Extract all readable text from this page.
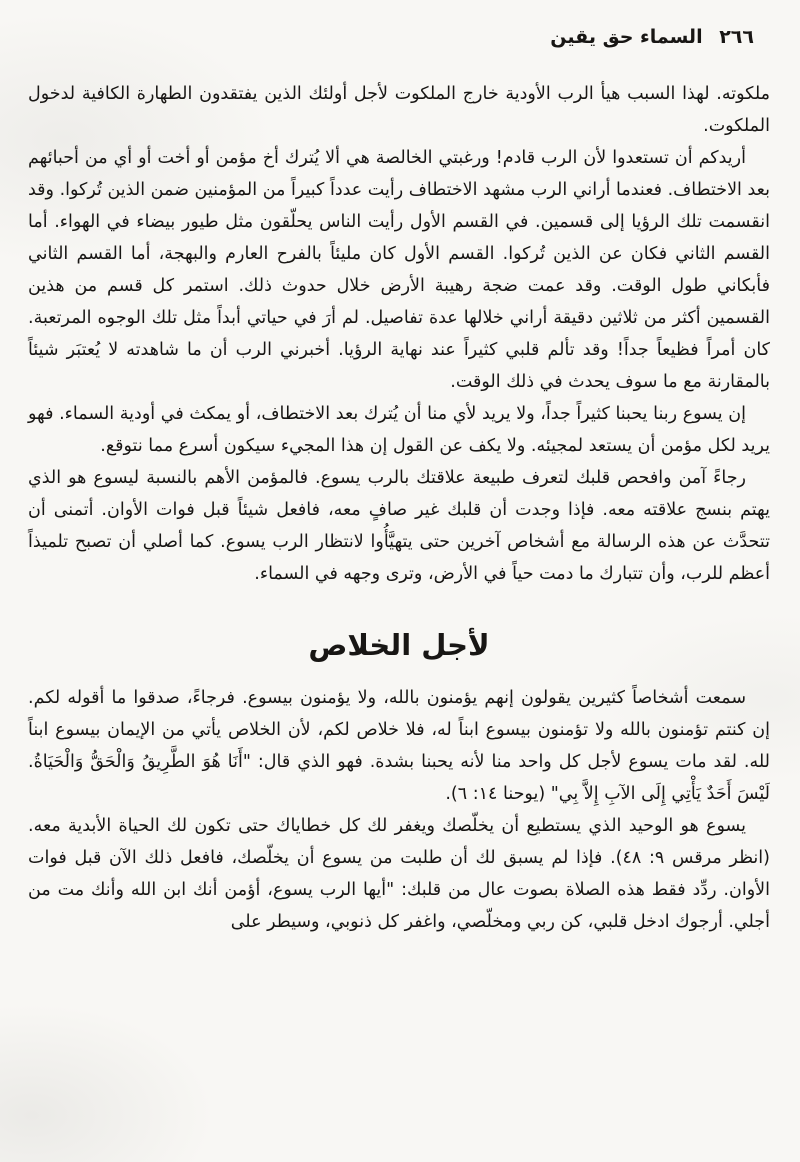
٢٦٦ السماء حق يقين

ملكوته. لهذا السبب هيأ الرب الأودية خارج الملكوت لأجل أولئك الذين يفتقدون الطهارة الكافية لدخول الملكوت.

أريدكم أن تستعدوا لأن الرب قادم! ورغبتي الخالصة هي ألا يُترك أخ مؤمن أو أخت أو أي من أحبائهم بعد الاختطاف. فعندما أراني الرب مشهد الاختطاف رأيت عدداً كبيراً من المؤمنين ضمن الذين تُركوا. وقد انقسمت تلك الرؤيا إلى قسمين. في القسم الأول رأيت الناس يحلّقون مثل طيور بيضاء في الهواء. أما القسم الثاني فكان عن الذين تُركوا. القسم الأول كان مليئاً بالفرح العارم والبهجة، أما القسم الثاني فأبكاني طول الوقت. وقد عمت ضجة رهيبة الأرض خلال حدوث ذلك. استمر كل قسم من هذين القسمين أكثر من ثلاثين دقيقة أراني خلالها عدة تفاصيل. لم أرَ في حياتي أبداً مثل تلك الوجوه المرتعبة. كان أمراً فظيعاً جداً! وقد تألم قلبي كثيراً عند نهاية الرؤيا. أخبرني الرب أن ما شاهدته لا يُعتبَر شيئاً بالمقارنة مع ما سوف يحدث في ذلك الوقت.

إن يسوع ربنا يحبنا كثيراً جداً، ولا يريد لأي منا أن يُترك بعد الاختطاف، أو يمكث في أودية السماء. فهو يريد لكل مؤمن أن يستعد لمجيئه. ولا يكف عن القول إن هذا المجيء سيكون أسرع مما نتوقع.

رجاءً آمن وافحص قلبك لتعرف طبيعة علاقتك بالرب يسوع. فالمؤمن الأهم بالنسبة ليسوع هو الذي يهتم بنسج علاقته معه. فإذا وجدت أن قلبك غير صافٍ معه، فافعل شيئاً قبل فوات الأوان. أتمنى أن تتحدَّث عن هذه الرسالة مع أشخاص آخرين حتى يتهيَّأُوا لانتظار الرب يسوع. كما أصلي أن تصبح تلميذاً أعظم للرب، وأن تتبارك ما دمت حياً في الأرض، وترى وجهه في السماء.

لأجل الخلاص

سمعت أشخاصاً كثيرين يقولون إنهم يؤمنون بالله، ولا يؤمنون بيسوع. فرجاءً، صدقوا ما أقوله لكم. إن كنتم تؤمنون بالله ولا تؤمنون بيسوع ابناً له، فلا خلاص لكم، لأن الخلاص يأتي من الإيمان بيسوع ابناً لله. لقد مات يسوع لأجل كل واحد منا لأنه يحبنا بشدة. فهو الذي قال: "أَنَا هُوَ الطَّرِيقُ وَالْحَقُّ وَالْحَيَاةُ. لَيْسَ أَحَدٌ يَأْتِي إِلَى الآبِ إِلاَّ بِي" (يوحنا ١٤: ٦).

يسوع هو الوحيد الذي يستطيع أن يخلّصك ويغفر لك كل خطاياك حتى تكون لك الحياة الأبدية معه. (انظر مرقس ٩: ٤٨). فإذا لم يسبق لك أن طلبت من يسوع أن يخلّصك، فافعل ذلك الآن قبل فوات الأوان. ردِّد فقط هذه الصلاة بصوت عال من قلبك: "أيها الرب يسوع، أؤمن أنك ابن الله وأنك مت من أجلي. أرجوك ادخل قلبي، كن ربي ومخلّصي، واغفر كل ذنوبي، وسيطر على
